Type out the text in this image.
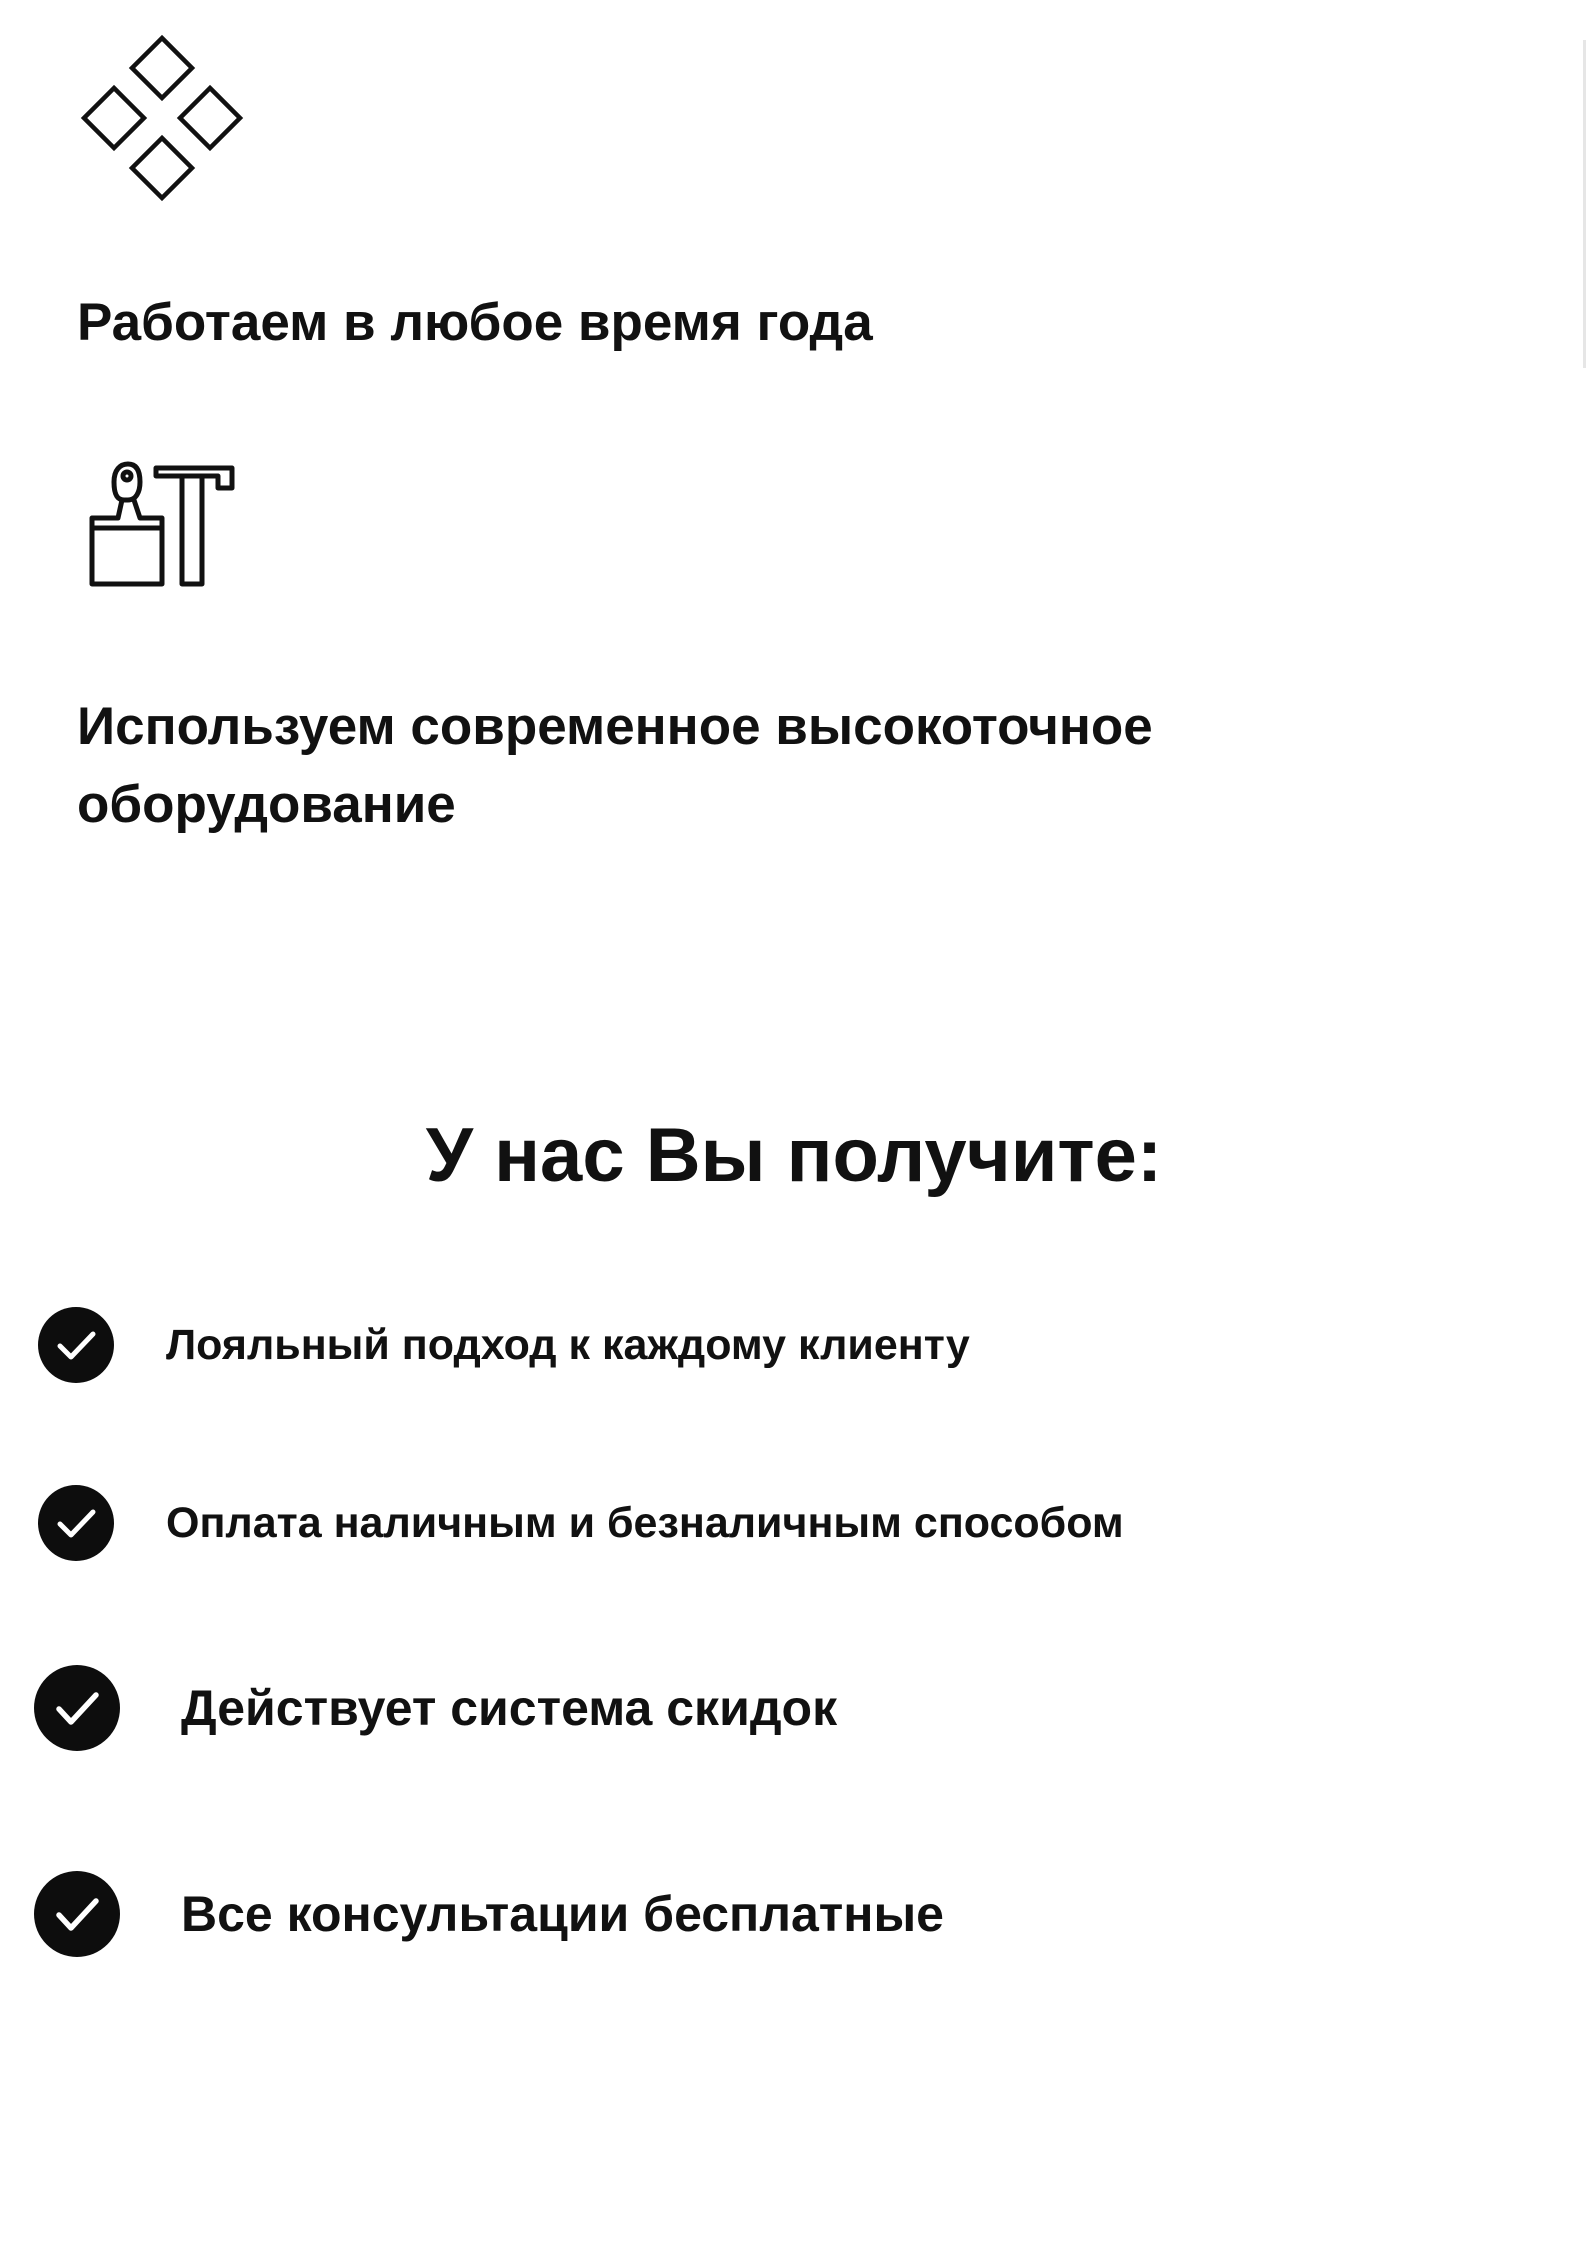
Работаем в любое время года

Используем современное высокоточное оборудование

У нас Вы получите:
Лояльный подход к каждому клиенту
Оплата наличным и безналичным способом
Действует система скидок
Все консультации бесплатные
